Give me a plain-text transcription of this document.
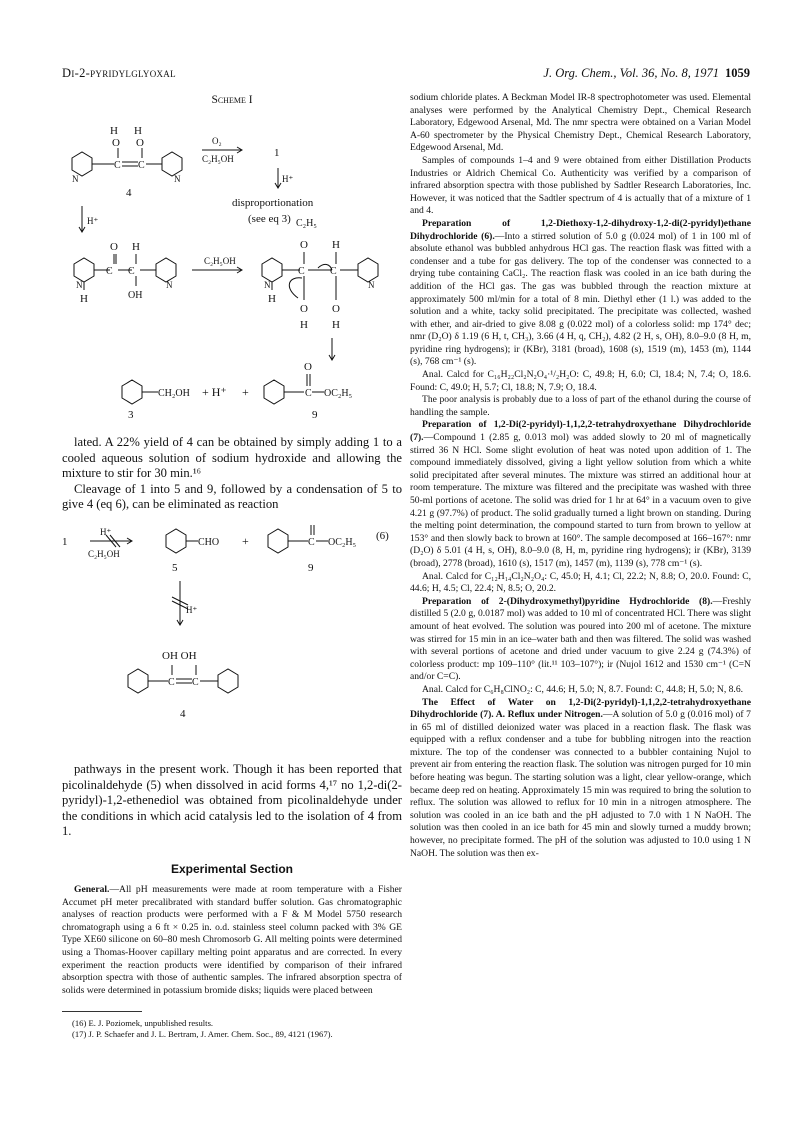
Di-2-pyridylglyoxal	J. Org. Chem., Vol. 36, No. 8, 1971 1059
Scheme I
H H
O O
C C
N	N
4
O₂
C₂H₅OH	1
H⁺
disproportionation
(see eq 3)
H⁺
O H
C C
N	N
H	OH
C₂H₅OH
C₂H₅
O H
C	C
N	N
H
O O
H H
CH₂OH + H⁺ +
O
C OC₂H₅
3	9

lated. A 22% yield of 4 can be obtained by simply adding 1 to a cooled aqueous solution of sodium hydroxide and allowing the mixture to stir for 30 min.¹⁶

Cleavage of 1 into 5 and 9, followed by a condensation of 5 to give 4 (eq 6), can be eliminated as reaction

1
H⁺
C₂H₅OH
CHO +	C OC₂H₅
(6)
5	9
H⁺
OH OH
C C
4

pathways in the present work. Though it has been reported that picolinaldehyde (5) when dissolved in acid forms 4,¹⁷ no 1,2-di(2-pyridyl)-1,2-ethenediol was obtained from picolinaldehyde under the conditions in which acid catalysis led to the isolation of 4 from 1.

Experimental Section

General.—All pH measurements were made at room temperature with a Fisher Accumet pH meter precalibrated with standard buffer solution. Gas chromatographic analyses of reaction products were performed with a F & M Model 5750 research chromatograph using a 6 ft × 0.25 in. o.d. stainless steel column packed with 3% GE Type XE60 silicone on 60–80 mesh Chromosorb G. All melting points were determined using a Thomas-Hoover capillary melting point apparatus and are corrected. In every experiment the reaction products were identified by comparison of their infrared absorption spectra with those of authentic samples. The infrared absorption spectra of solids were determined in potassium bromide disks; liquids were placed between

(16) E. J. Poziomek, unpublished results.

(17) J. P. Schaefer and J. L. Bertram, J. Amer. Chem. Soc., 89, 4121 (1967).

sodium chloride plates. A Beckman Model IR-8 spectrophotometer was used. Elemental analyses were performed by the Analytical Chemistry Dept., Chemical Research Laboratory, Edgewood Arsenal, Md. The nmr spectra were obtained on a Varian Model A-60 spectrometer by the Physical Chemistry Dept., Chemical Research Laboratory, Edgewood Arsenal, Md.

Samples of compounds 1–4 and 9 were obtained from either Distillation Products Industries or Aldrich Chemical Co. Authenticity was verified by a comparison of infrared absorption spectra with those published by Sadtler Research Laboratories, Inc. However, it was noticed that the Sadtler spectrum of 4 is actually that of a mixture of 1 and 4.

Preparation of 1,2-Diethoxy-1,2-dihydroxy-1,2-di(2-pyridyl)ethane Dihydrochloride (6).—Into a stirred solution of 5.0 g (0.024 mol) of 1 in 100 ml of absolute ethanol was bubbled anhydrous HCl gas. The reaction flask was fitted with a condenser and a tube for gas delivery. The top of the condenser was connected to a drying tube containing CaCl₂. The reaction flask was cooled in an ice bath during the addition of the HCl gas. The gas was bubbled through the reaction mixture at approximately 500 ml/min for a total of 8 min. Diethyl ether (1 l.) was added to the solution and a white, tacky solid precipitated. The precipitate was collected, washed with ether, and air-dried to give 8.08 g (0.022 mol) of a colorless solid: mp 174° dec; nmr (D₂O) δ 1.19 (6 H, t, CH₃), 3.66 (4 H, q, CH₂), 4.82 (2 H, s, OH), 8.0–9.0 (8 H, m, pyridine ring hydrogens); ir (KBr), 3181 (broad), 1608 (s), 1519 (m), 1453 (m), 1144 (s), 768 cm⁻¹ (s).

Anal. Calcd for C₁₆H₂₂Cl₂N₂O₄·¹/₂H₂O: C, 49.8; H, 6.0; Cl, 18.4; N, 7.4; O, 18.6. Found: C, 49.0; H, 5.7; Cl, 18.8; N, 7.9; O, 18.4.

The poor analysis is probably due to a loss of part of the ethanol during the course of handling the sample.

Preparation of 1,2-Di(2-pyridyl)-1,1,2,2-tetrahydroxyethane Dihydrochloride (7).—Compound 1 (2.85 g, 0.013 mol) was added slowly to 20 ml of magnetically stirred 36 N HCl. Some slight evolution of heat was noted upon addition of 1. The compound immediately dissolved, giving a light yellow solution from which a white solid precipitated after several minutes. The mixture was stirred an additional hour at room temperature. The mixture was filtered and the precipitate was washed with three 50-ml portions of acetone. The solid was dried for 1 hr at 64° in a vacuum oven to give 4.21 g (97.7%) of product. The solid gradually turned a light brown on standing. During the melting point determination, the compound started to turn from brown to yellow at 153° and then slowly back to brown at 160°. The sample decomposed at 166–167°: nmr (D₂O) δ 5.01 (4 H, s, OH), 8.0–9.0 (8, H, m, pyridine ring hydrogens); ir (KBr), 3139 (broad), 2778 (broad), 1610 (s), 1517 (m), 1457 (m), 1139 (s), 778 cm⁻¹ (s).

Anal. Calcd for C₁₂H₁₄Cl₂N₂O₄: C, 45.0; H, 4.1; Cl, 22.2; N, 8.8; O, 20.0. Found: C, 44.6; H, 4.5; Cl, 22.4; N, 8.5; O, 20.2.

Preparation of 2-(Dihydroxymethyl)pyridine Hydrochloride (8).—Freshly distilled 5 (2.0 g, 0.0187 mol) was added to 10 ml of concentrated HCl. There was slight amount of heat evolved. The solution was poured into 200 ml of acetone. The mixture was stirred for 15 min in an ice–water bath and then was filtered. The solid was washed with several portions of acetone and dried under vacuum to give 2.24 g (74.3%) of colorless product: mp 109–110° (lit.¹¹ 103–107°); ir (Nujol 1612 and 1530 cm⁻¹ (C=N and/or C=C).

Anal. Calcd for C₆H₈ClNO₂: C, 44.6; H, 5.0; N, 8.7. Found: C, 44.8; H, 5.0; N, 8.6.

The Effect of Water on 1,2-Di(2-pyridyl)-1,1,2,2-tetrahydroxyethane Dihydrochloride (7). A. Reflux under Nitrogen.—A solution of 5.0 g (0.016 mol) of 7 in 65 ml of distilled deionized water was placed in a reaction flask. The flask was equipped with a reflux condenser and a tube for bubbling nitrogen into the reaction mixture. The top of the condenser was connected to a bubbler containing Nujol to prevent air from entering the reaction flask. The solution was nitrogen purged for 10 min before heating was begun. The starting solution was a light, clear yellow-orange, which became deep red on heating. Approximately 15 min was required to bring the solution to reflux. The solution was allowed to reflux for 10 min in a nitrogen atmosphere. The solution was cooled in an ice bath and the pH adjusted to 7.0 with 1 N NaOH. The solution was then cooled in an ice bath for 45 min and slowly turned a muddy brown; however, no precipitate formed. The pH of the solution was adjusted to 10.0 using 1 N NaOH. The solution was then ex-
